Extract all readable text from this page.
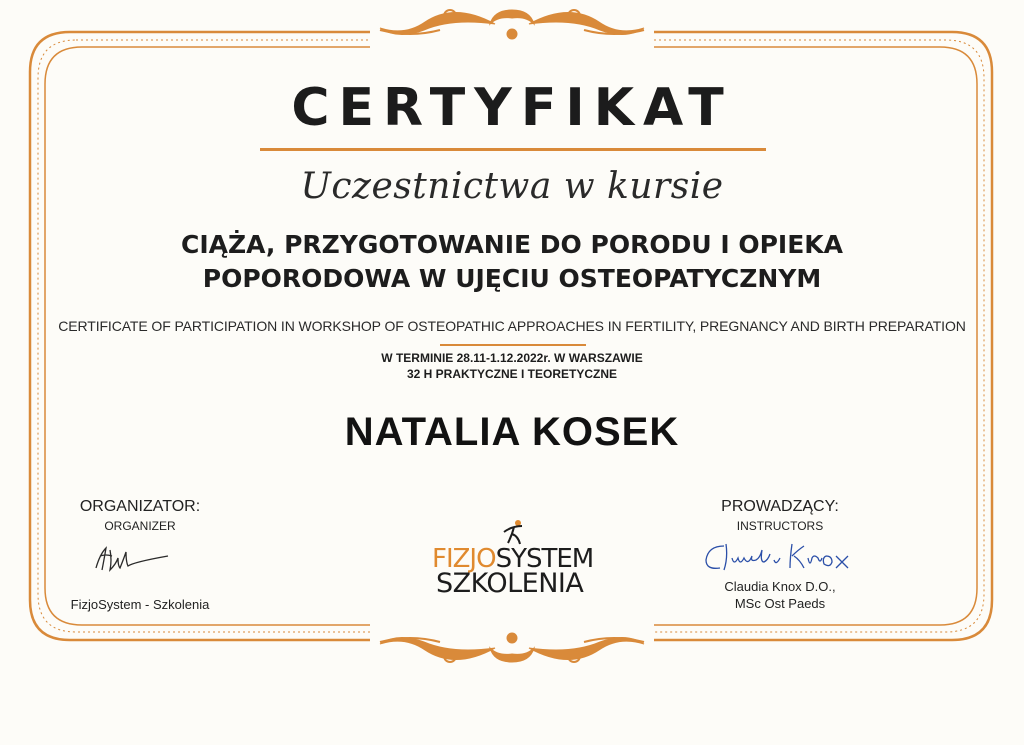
CERTYFIKAT
Uczestnictwa w kursie
CIĄŻA, PRZYGOTOWANIE DO PORODU I OPIEKA
POPORODOWA W UJĘCIU OSTEOPATYCZNYM
CERTIFICATE OF PARTICIPATION IN WORKSHOP OF OSTEOPATHIC APPROACHES IN FERTILITY, PREGNANCY AND BIRTH PREPARATION
W TERMINIE 28.11-1.12.2022r. W WARSZAWIE
32 H PRAKTYCZNE I TEORETYCZNE
NATALIA KOSEK
ORGANIZATOR:
ORGANIZER
FizjoSystem - Szkolenia
FIZJOSYSTEM
SZKOLENIA
PROWADZĄCY:
INSTRUCTORS
Claudia Knox D.O.,
MSc Ost Paeds
